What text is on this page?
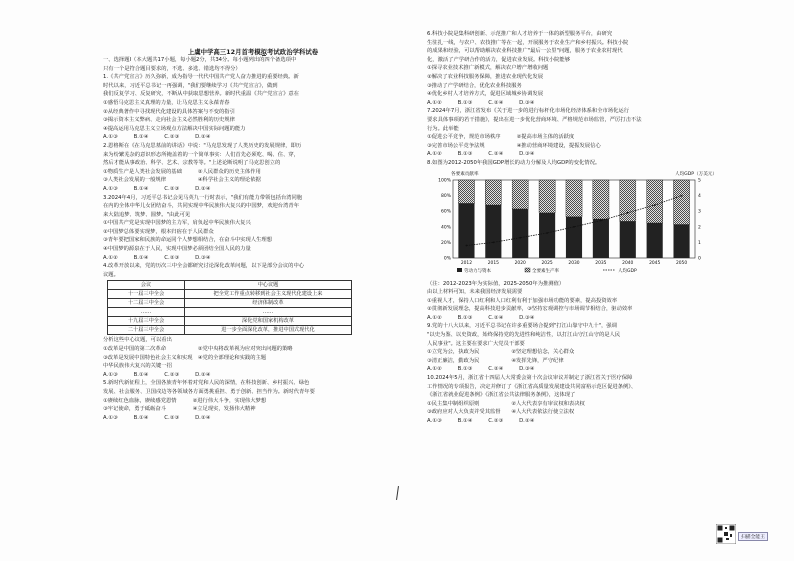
上虞中学高三12月首考模拟考试政治学科试卷
一、选择题Ⅰ（本大题共17小题，每小题2分，共34分。每小题列出的四个备选项中
只有一个是符合题目要求的，不选、多选、错选均不得分）
1.《共产党宣言》历久弥新，成为指导一代代中国共产党人奋力推进的重要经典。新
时代以来，习近平总书记一再强调，"我们要继续学习《共产党宣言》，做到
我们反复学习、反复研究，不断从中获取思想营养。新时代重温《共产党宣言》意在
①感悟马克思主义真理的力量，让马克思主义永葆青春
②从经典著作中寻找现代化建设的具体答案与不变的指引
③揭示资本主义弊病、走向社会主义必然胜利的历史规律
④提高运用马克思主义立场观点方法解决中国实际问题的能力
A.①③　　　B.①④　　　C.②③　　　D.②④
2.恩格斯在《在马克思墓前的讲话》中说："马克思发现了人类历史的发展规律，即历
来为纷繁芜杂的意识形态所掩盖着的一个简单事实：人们首先必须吃、喝、住、穿，
然后才能从事政治、科学、艺术、宗教等等。"上述论断说明了马克思创立的
①物质生产是人类社会发展的基础　　　②人民群众的历史主体作用
③人类社会发展的一般规律　　　　　　④科学社会主义的理论依据
A.①③　　　B.①④　　　C.②③　　　D.②④
3.2024年4月，习近平总书记会见马英九一行时表示，"我们有能力带领包括台湾同胞
在内的全体中华儿女团结奋斗，共同实现中华民族伟大复兴的中国梦，欢迎台湾青年
来大陆追梦、筑梦、圆梦。"由此可见
①中国共产党是实现中国梦的主力军，肩负起中华民族伟大复兴
②中国梦总体要实现梦，根本归宿在于人民群众
③青年要把国家和民族的命运同个人梦想相结合，在奋斗中实现人生理想
④中国梦的源泉在于人民，实现中国梦必须团结全国人民的力量
A.①②　　　B.①④　　　C.②③　　　D.③④
4.改革开放以来，党的历次三中全会都研究讨论深化改革问题，以下是部分会议的中心
议题。
会议	中心议题
十一届三中全会	把全党工作重点转移到社会主义现代化建设上来
十二届三中全会	经济体制改革
……	……
十九届三中全会	深化党和国家机构改革
二十届三中全会	进一步全面深化改革，推进中国式现代化
分析这些中心议题，可以看出
①改革是中国的第二次革命　　　　　　②党中央将改革视为应对突出问题的策略
③改革是发展中国特色社会主义和实现　④党的全部理论和实践的主题
中华民族伟大复兴的关键一招
A.①③　　　B.①④　　　C.②③　　　D.②④
5.新时代新征程上，全国各族青年怀着对党和人民的深情，在科技创新、乡村振兴、绿色
发展、社会服务、卫国戍边等各领域各方面勇挑重担、勇于创新、担当作为。新时代青年要
①赓续红色血脉，赓续感党恩情　　　②进行伟大斗争，实现伟大梦想
③牢记使命，勇于砥砺奋斗　　　　　④立足现实，发扬伟大精神
A.①③　　　B.①④　　　C.②③　　　D.②④
6.科技小院是集科研创新、示范推广和人才培养于一体的新型服务平台，由研究
生驻扎一线，与农户、农技推广等在一起，开展服务于农业生产和乡村振兴。科技小院
的成果和经验，可以帮助解决农业科技推广"最后一公里"问题，服务于农业农村现代
化，激活了产学研合作的活力，促进农业发展。科技小院能够
①探寻农业技术推广新模式，解决农户增产增收问题
②解决了农业科技服务保障，推进农业现代化发展
③推动了产学研结合，优化农业科技服务
④优化乡村人才培养方式，促进区域城乡协调发展
A.①②　　　B.①③　　　C.②④　　　D.③④
7.2024年7月，浙江省发布《关于进一步的进行标杆化市场化经济体系和全市场化运行
要求具体事项的若干措施》，提出在进一步优化营商环境、严格规范市场监管，严厉打击不法
行为。此举能
①促进公平竞争，规范市场秩序　　　②提高市场主体的活跃度
③完善市场公平竞争法规　　　　　　④推动营商环境建设，提振发展信心
A.①②　　　B.①③　　　C.②④　　　D.③④
8.如图为2012-2050年我国GDP增长的动力分解及人均GDP的变化情况。
各要素贡献率	人均GDP（万美元）
100%
80%
60%
40%
20%
0%
5
4
3
2
1
0
2012	2015	2020	2025	2030	2035	2040	2045	2050
劳动力与资本	全要素生产率	人均GDP
（注：2012-2023年为实际值，2025-2050年为推测值）
由以上材料可知，未来我国经济发展需要
①重视人才，保持人口红利和人口红利有利于加强市场功能的要素，提高投资效率
②贯彻新发展理念，提高科技进步贡献率，③坚持宏观调控与市场调节相结合，驱动效率
A.①②　　　B.①③　　　C.②④　　　D.③④
9.党的十八大以来，习近平总书记在许多重要场合提到"打江山靠守中九十"，强调
"以史为鉴、以史资政，始终保持党的先进性和纯洁性，以打江山守江山守的是人民
人民事业"。这主要在要求广大党员干部要
①立党为公，执政为民　　　　　　②坚定理想信念，关心群众
③清正廉洁，勤政为民　　　　　　④发挥先锋，严守纪律
A.①②　　　B.①③　　　C.②④　　　D.③④
10.2024年5月，浙江省十四届人大常委会第十次会议审议并制定了浙江省关于医疗保障
工作情况的专项报告，决定并修订了《浙江省高质量发展建设共同富裕示范区促进条例》、
《浙江省就业促进条例》《浙江省公共法律服务条例》，这体现了
①民主集中制组织原则　　　　　　②人大代表享有审议权和表决权
③政府应对人大负责并受其监督　　④人大代表依法行使立法权
A.①③　　　B.①④　　　C.②③　　　D.②④
扫描全能王
